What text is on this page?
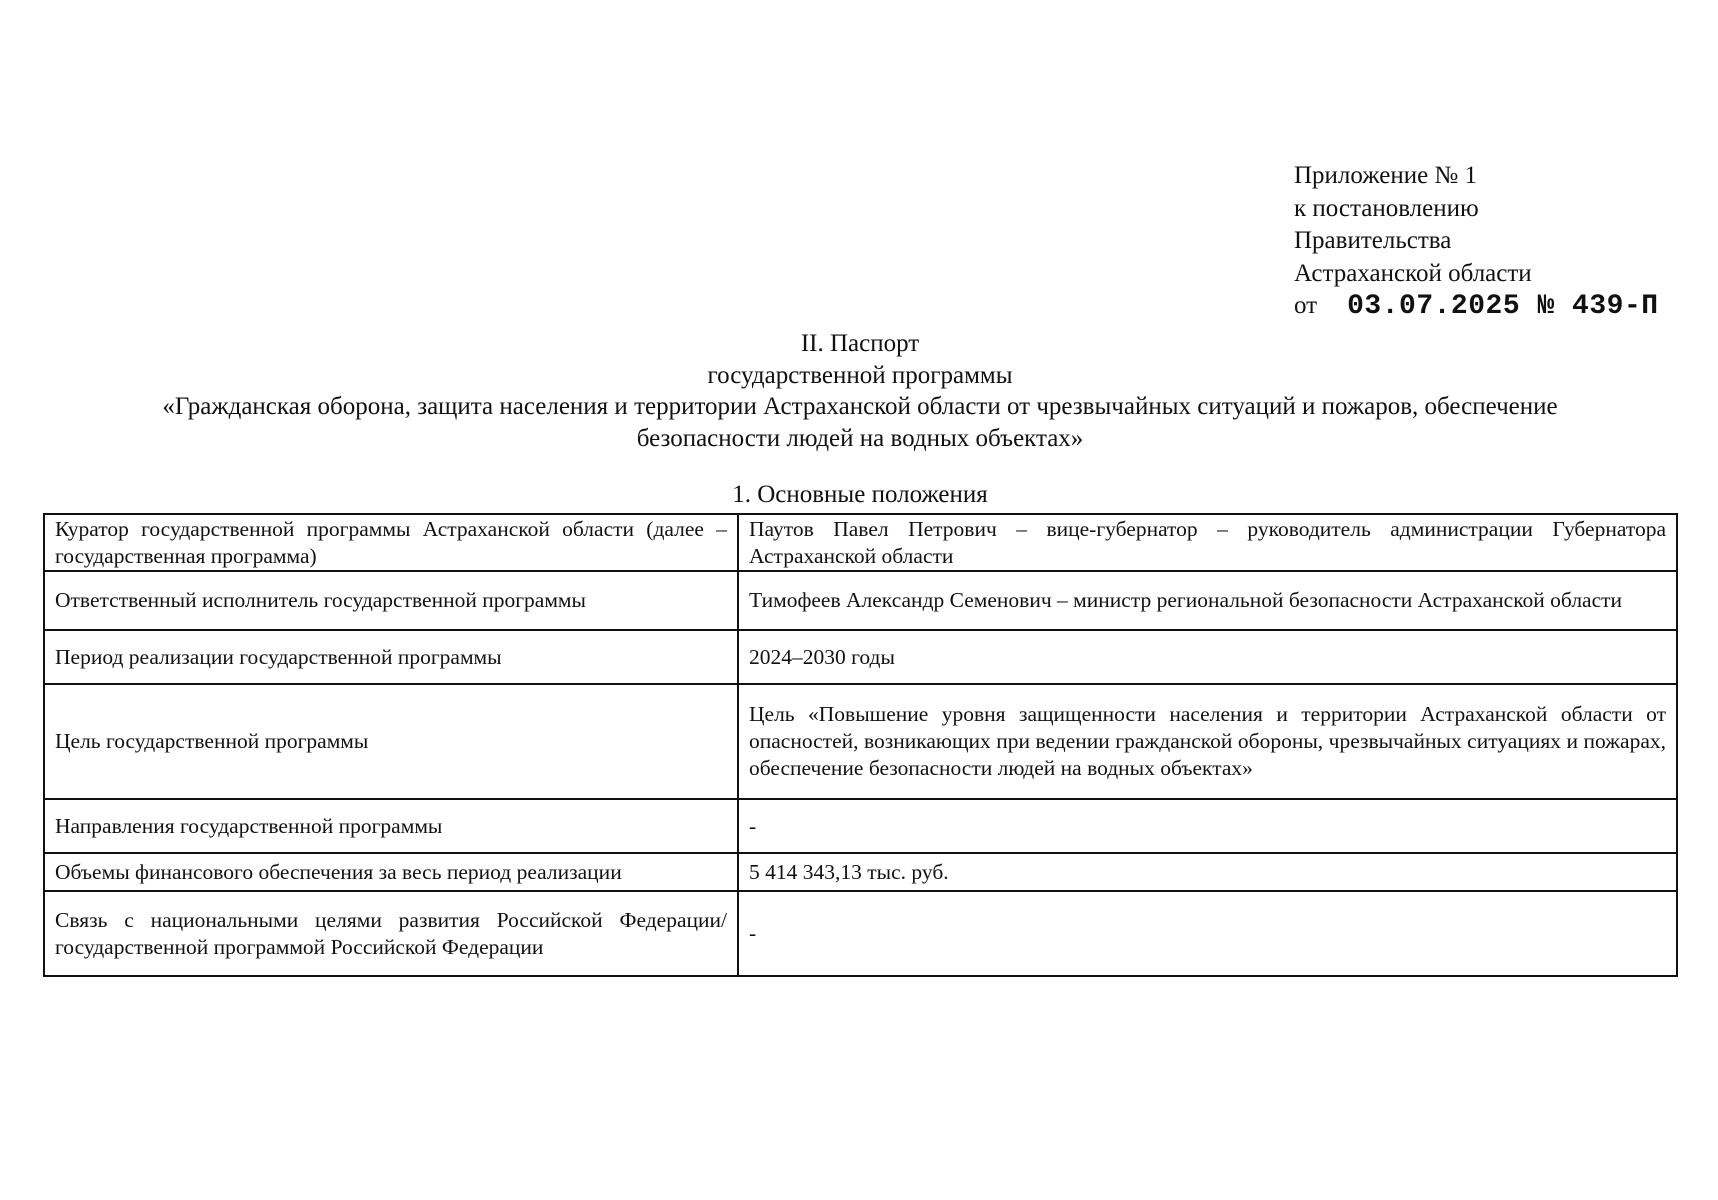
Приложение № 1
к постановлению
Правительства
Астраханской области
от 03.07.2025 № 439-П
II. Паспорт
государственной программы
«Гражданская оборона, защита населения и территории Астраханской области от чрезвычайных ситуаций и пожаров, обеспечение
безопасности людей на водных объектах»
1. Основные положения
Куратор государственной программы Астраханской области (далее – государственная программа)	Паутов Павел Петрович – вице-губернатор – руководитель администрации Губернатора Астраханской области
Ответственный исполнитель государственной программы	Тимофеев Александр Семенович – министр региональной безопасности Астраханской области
Период реализации государственной программы	2024–2030 годы
Цель государственной программы	Цель «Повышение уровня защищенности населения и территории Астраханской области от опасностей, возникающих при ведении гражданской обороны, чрезвычайных ситуациях и пожарах, обеспечение безопасности людей на водных объектах»
Направления государственной программы	-
Объемы финансового обеспечения за весь период реализации	5 414 343,13 тыс. руб.
Связь с национальными целями развития Российской Федерации/ государственной программой Российской Федерации	-
